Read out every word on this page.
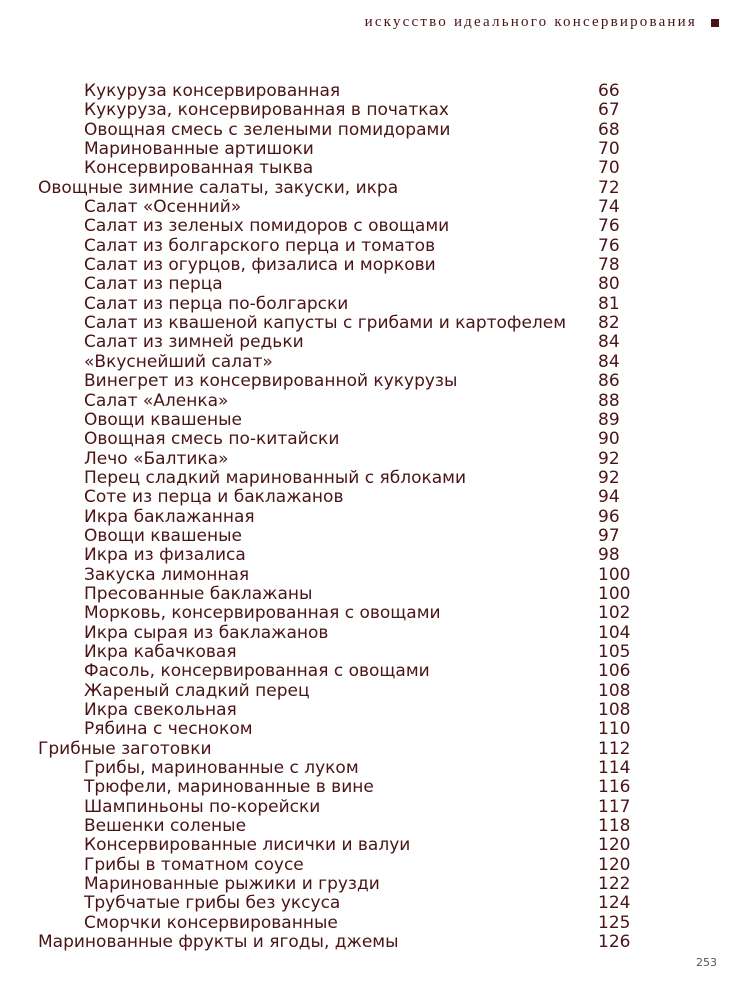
искусство идеального консервирования
Кукуруза консервированная	66
Кукуруза, консервированная в початках	67
Овощная смесь с зелеными помидорами	68
Маринованные артишоки	70
Консервированная тыква	70
Овощные зимние салаты, закуски, икра	72
Салат «Осенний»	74
Салат из зеленых помидоров с овощами	76
Салат из болгарского перца и томатов	76
Салат из огурцов, физалиса и моркови	78
Салат из перца	80
Салат из перца по-болгарски	81
Салат из квашеной капусты с грибами и картофелем 82
Салат из зимней редьки	84
«Вкуснейший салат»	84
Винегрет из консервированной кукурузы	86
Салат «Аленка»	88
Овощи квашеные	89
Овощная смесь по-китайски	90
Лечо «Балтика»	92
Перец сладкий маринованный с яблоками	92
Соте из перца и баклажанов	94
Икра баклажанная	96
Овощи квашеные	97
Икра из физалиса	98
Закуска лимонная	100
Пресованные баклажаны	100
Морковь, консервированная с овощами	102
Икра сырая из баклажанов	104
Икра кабачковая	105
Фасоль, консервированная с овощами	106
Жареный сладкий перец	108
Икра свекольная	108
Рябина с чесноком	110
Грибные заготовки	112
Грибы, маринованные с луком	114
Трюфели, маринованные в вине	116
Шампиньоны по-корейски	117
Вешенки соленые	118
Консервированные лисички и валуи	120
Грибы в томатном соусе	120
Маринованные рыжики и грузди	122
Трубчатые грибы без уксуса	124
Сморчки консервированные	125
Маринованные фрукты и ягоды, джемы	126
253
